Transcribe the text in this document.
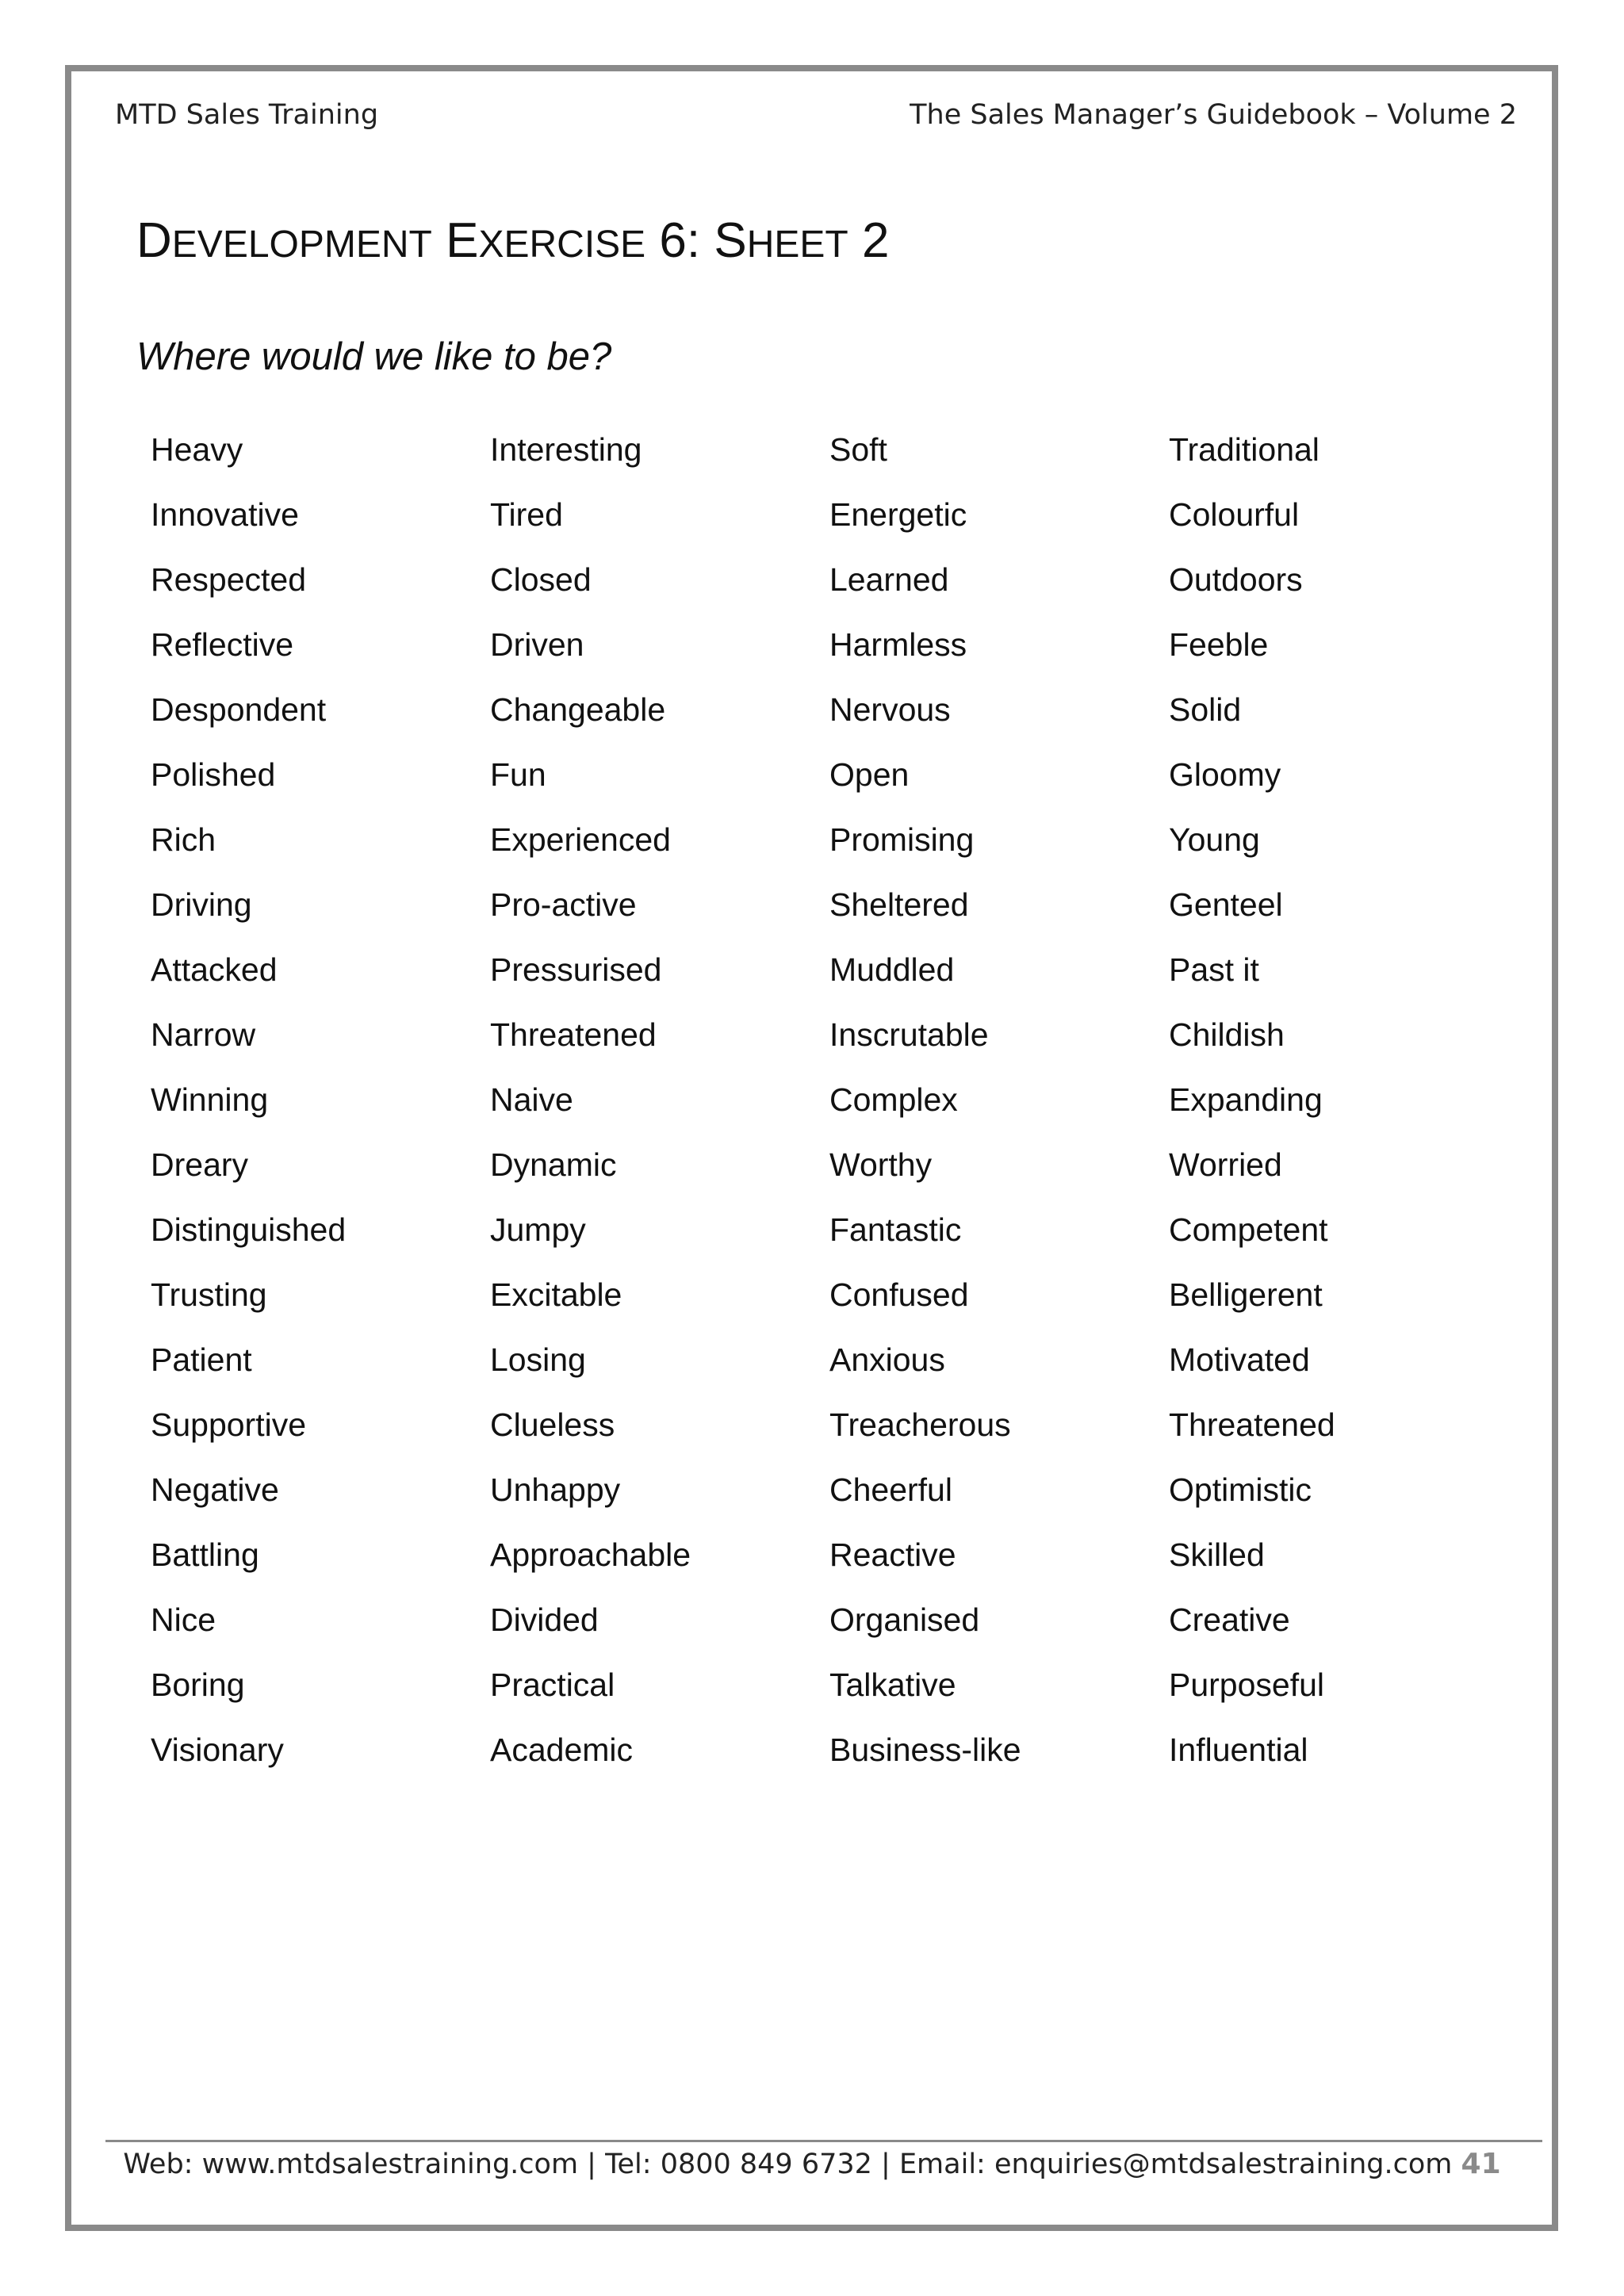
MTD Sales Training	The Sales Manager’s Guidebook – Volume 2
DEVELOPMENT EXERCISE 6: SHEET 2
Where would we like to be?
Heavy	Interesting	Soft	Traditional
Innovative	Tired	Energetic	Colourful
Respected	Closed	Learned	Outdoors
Reflective	Driven	Harmless	Feeble
Despondent	Changeable	Nervous	Solid
Polished	Fun	Open	Gloomy
Rich	Experienced	Promising	Young
Driving	Pro-active	Sheltered	Genteel
Attacked	Pressurised	Muddled	Past it
Narrow	Threatened	Inscrutable	Childish
Winning	Naive	Complex	Expanding
Dreary	Dynamic	Worthy	Worried
Distinguished	Jumpy	Fantastic	Competent
Trusting	Excitable	Confused	Belligerent
Patient	Losing	Anxious	Motivated
Supportive	Clueless	Treacherous	Threatened
Negative	Unhappy	Cheerful	Optimistic
Battling	Approachable	Reactive	Skilled
Nice	Divided	Organised	Creative
Boring	Practical	Talkative	Purposeful
Visionary	Academic	Business-like	Influential
Web: www.mtdsalestraining.com | Tel: 0800 849 6732 | Email: enquiries@mtdsalestraining.com 41
